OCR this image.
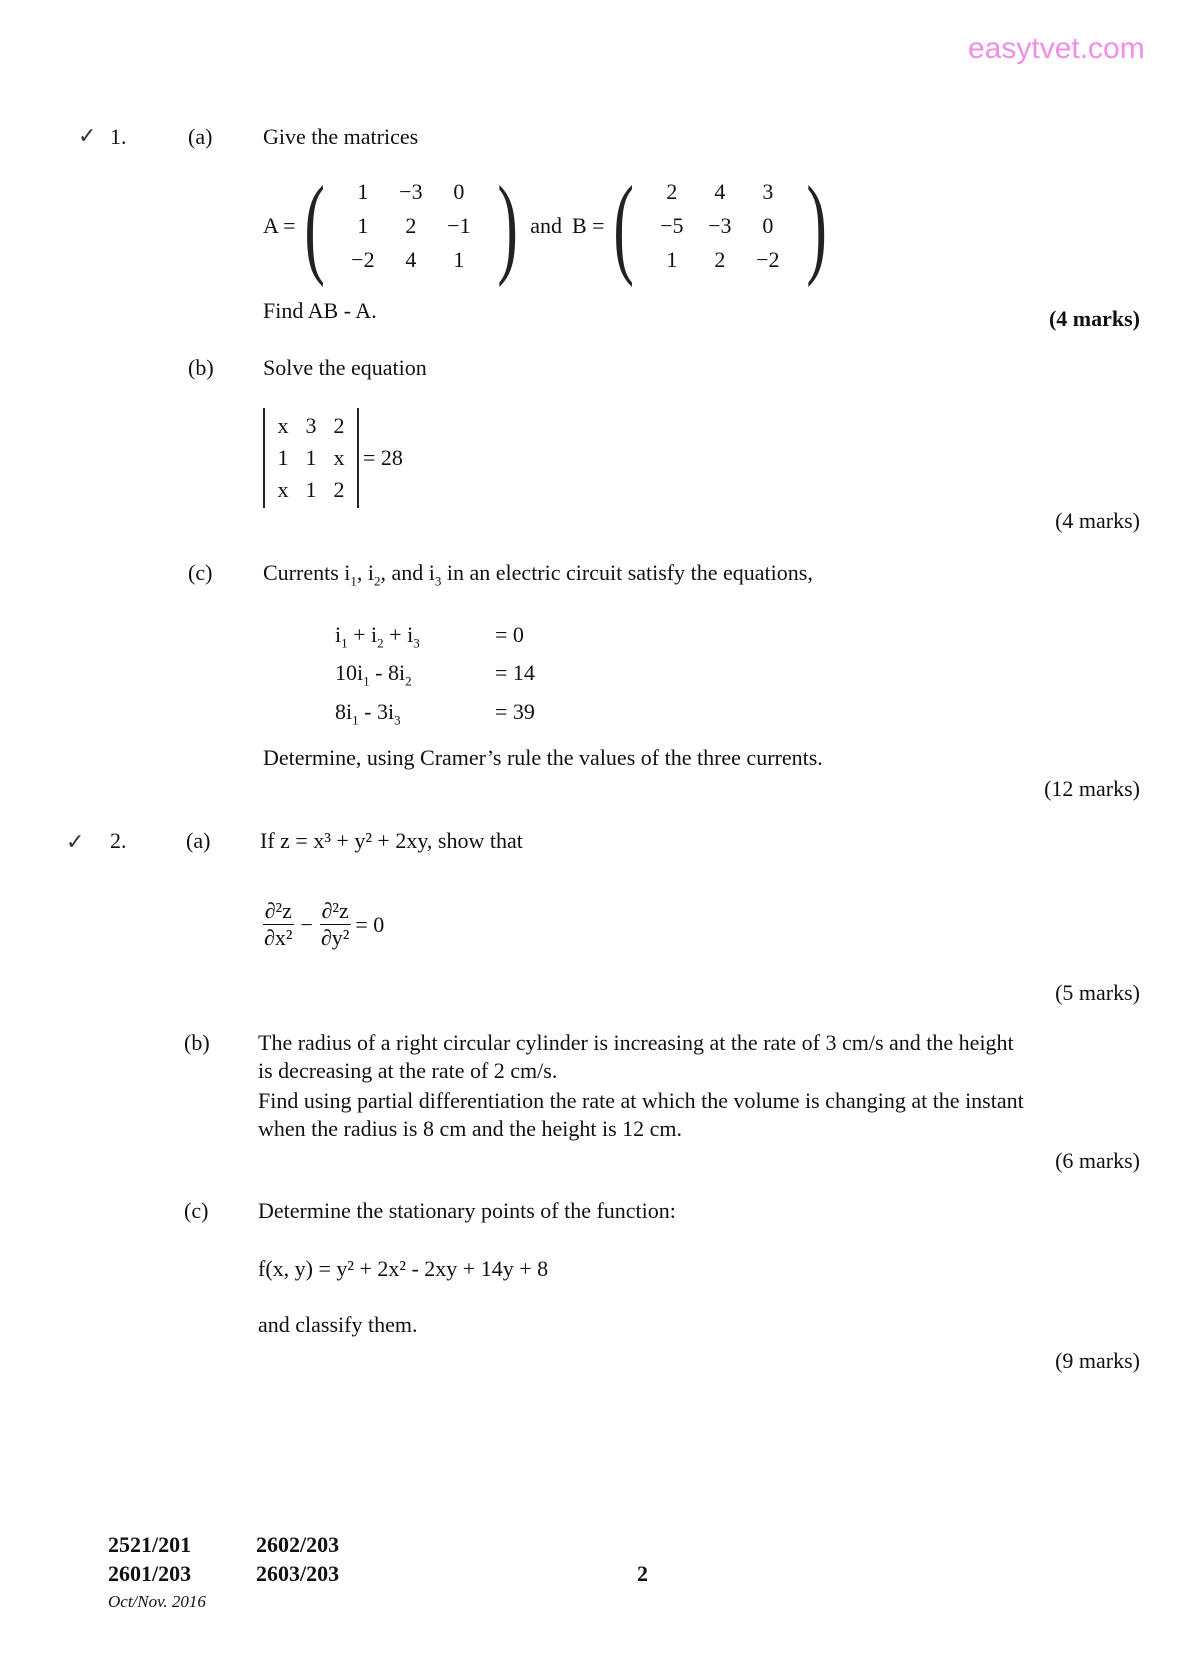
easytvet.com
✓ 1.	(a) Give the matrices
A = (	1	−3	0
1	2	−1
−2	4	1 ) and B = (	2	4	3
−5	−3	0
1	2	−2 )
Find AB - A.	(4 marks)
(b) Solve the equation
x 3 2
1 1 x
x 1 2
= 28
(4 marks)
(c) Currents $i_1$, $i_2$, and $i_3$ in an electric circuit satisfy the equations,
$i_1 + i_2 + i_3$	= 0
$10i_1 - 8i_2$	= 14
$8i_1 - 3i_3$	= 39
Determine, using Cramer’s rule the values of the three currents.
(12 marks)
✓ 2.	(a) If z = x³ + y² + 2xy, show that
$\frac{\text{∂²z}}{\text{∂x²}} - \frac{\text{∂²z}}{\text{∂y²}} = 0$
(5 marks)
(b) The radius of a right circular cylinder is increasing at the rate of 3 cm/s and the height
is decreasing at the rate of 2 cm/s.
Find using partial differentiation the rate at which the volume is changing at the instant
when the radius is 8 cm and the height is 12 cm.
(6 marks)
(c) Determine the stationary points of the function:
f(x, y) = y² + 2x² - 2xy + 14y + 8
and classify them.
(9 marks)
2521/201	2602/203
2601/203	2603/203
Oct/Nov. 2016
2
